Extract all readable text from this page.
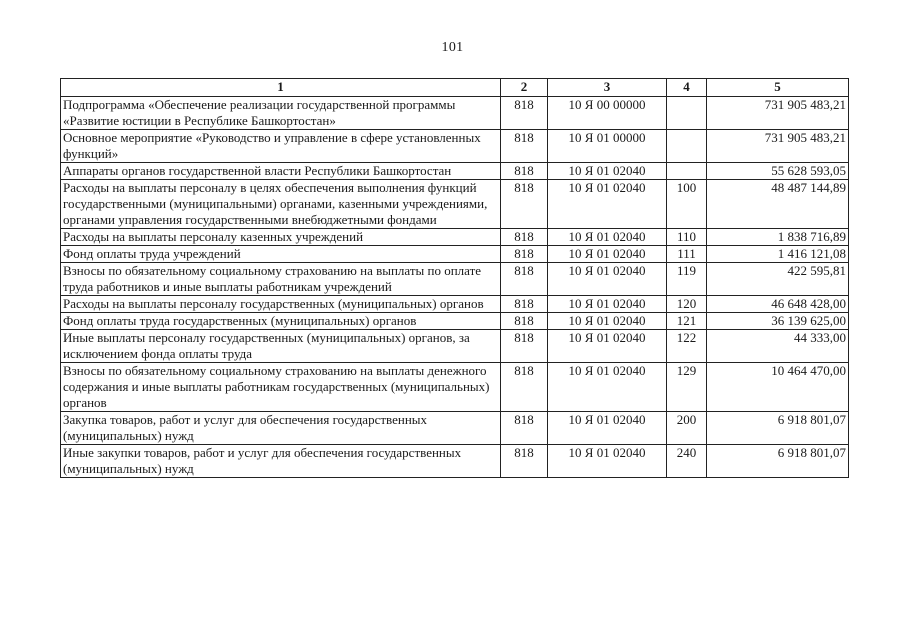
101
1	2	3	4	5
Подпрограмма «Обеспечение реализации государственной программы «Развитие юстиции в Республике Башкортостан»	818	10 Я 00 00000		731 905 483,21
Основное мероприятие «Руководство и управление в сфере установленных функций»	818	10 Я 01 00000		731 905 483,21
Аппараты органов государственной власти Республики Башкортостан	818	10 Я 01 02040		55 628 593,05
Расходы на выплаты персоналу в целях обеспечения выполнения функций государственными (муниципальными) органами, казенными учреждениями, органами управления государственными внебюджетными фондами	818	10 Я 01 02040	100	48 487 144,89
Расходы на выплаты персоналу казенных учреждений	818	10 Я 01 02040	110	1 838 716,89
Фонд оплаты труда учреждений	818	10 Я 01 02040	111	1 416 121,08
Взносы по обязательному социальному страхованию на выплаты по оплате труда работников и иные выплаты работникам учреждений	818	10 Я 01 02040	119	422 595,81
Расходы на выплаты персоналу государственных (муниципальных) органов	818	10 Я 01 02040	120	46 648 428,00
Фонд оплаты труда государственных (муниципальных) органов	818	10 Я 01 02040	121	36 139 625,00
Иные выплаты персоналу государственных (муниципальных) органов, за исключением фонда оплаты труда	818	10 Я 01 02040	122	44 333,00
Взносы по обязательному социальному страхованию на выплаты денежного содержания и иные выплаты работникам государственных (муниципальных) органов	818	10 Я 01 02040	129	10 464 470,00
Закупка товаров, работ и услуг для обеспечения государственных (муниципальных) нужд	818	10 Я 01 02040	200	6 918 801,07
Иные закупки товаров, работ и услуг для обеспечения государственных (муниципальных) нужд	818	10 Я 01 02040	240	6 918 801,07
